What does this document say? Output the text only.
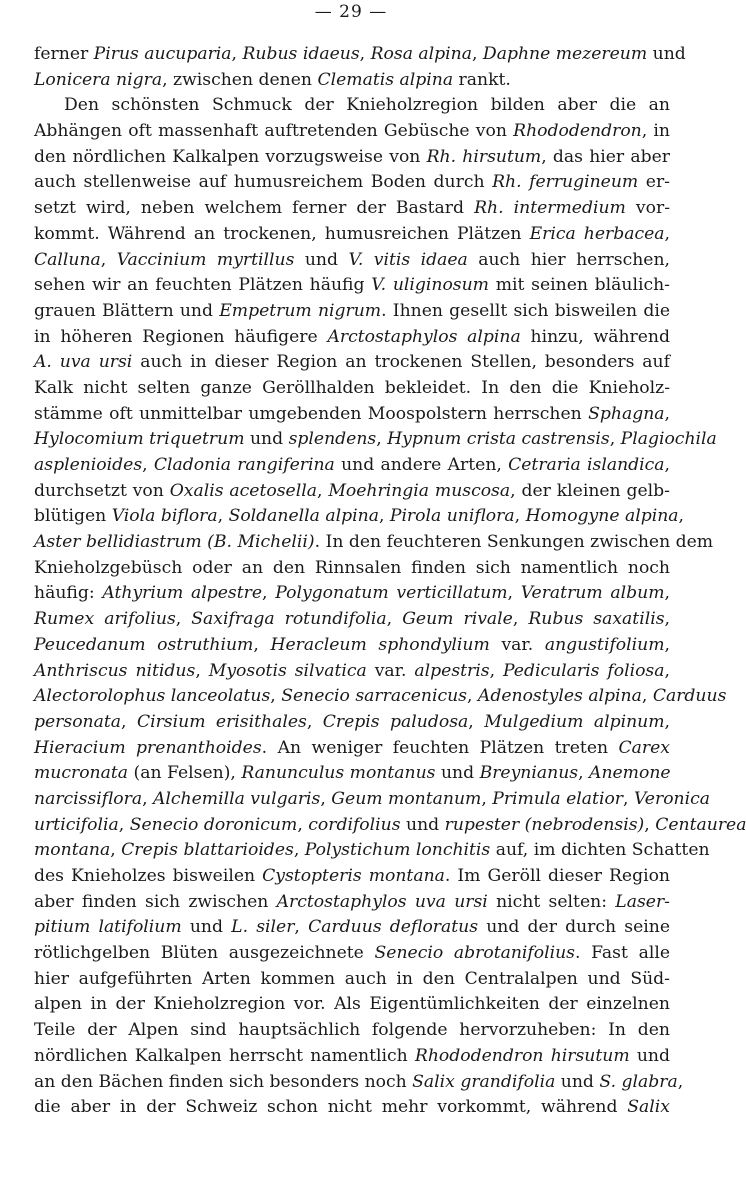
— 29 —
ferner Pirus aucuparia, Rubus idaeus, Rosa alpina, Daphne mezereum und
Lonicera nigra, zwischen denen Clematis alpina rankt.
Den schönsten Schmuck der Knieholzregion bilden aber die an
Abhängen oft massenhaft auftretenden Gebüsche von Rhododendron, in
den nördlichen Kalkalpen vorzugsweise von Rh. hirsutum, das hier aber
auch stellenweise auf humusreichem Boden durch Rh. ferrugineum er-
setzt wird, neben welchem ferner der Bastard Rh. intermedium vor-
kommt. Während an trockenen, humusreichen Plätzen Erica herbacea,
Calluna, Vaccinium myrtillus und V. vitis idaea auch hier herrschen,
sehen wir an feuchten Plätzen häufig V. uliginosum mit seinen bläulich-
grauen Blättern und Empetrum nigrum. Ihnen gesellt sich bisweilen die
in höheren Regionen häufigere Arctostaphylos alpina hinzu, während
A. uva ursi auch in dieser Region an trockenen Stellen, besonders auf
Kalk nicht selten ganze Geröllhalden bekleidet. In den die Knieholz-
stämme oft unmittelbar umgebenden Moospolstern herrschen Sphagna,
Hylocomium triquetrum und splendens, Hypnum crista castrensis, Plagiochila
asplenioides, Cladonia rangiferina und andere Arten, Cetraria islandica,
durchsetzt von Oxalis acetosella, Moehringia muscosa, der kleinen gelb-
blütigen Viola biflora, Soldanella alpina, Pirola uniflora, Homogyne alpina,
Aster bellidiastrum (B. Michelii). In den feuchteren Senkungen zwischen dem
Knieholzgebüsch oder an den Rinnsalen finden sich namentlich noch
häufig: Athyrium alpestre, Polygonatum verticillatum, Veratrum album,
Rumex arifolius, Saxifraga rotundifolia, Geum rivale, Rubus saxatilis,
Peucedanum ostruthium, Heracleum sphondylium var. angustifolium,
Anthriscus nitidus, Myosotis silvatica var. alpestris, Pedicularis foliosa,
Alectorolophus lanceolatus, Senecio sarracenicus, Adenostyles alpina, Carduus
personata, Cirsium erisithales, Crepis paludosa, Mulgedium alpinum,
Hieracium prenanthoides. An weniger feuchten Plätzen treten Carex
mucronata (an Felsen), Ranunculus montanus und Breynianus, Anemone
narcissiflora, Alchemilla vulgaris, Geum montanum, Primula elatior, Veronica
urticifolia, Senecio doronicum, cordifolius und rupester (nebrodensis), Centaurea
montana, Crepis blattarioides, Polystichum lonchitis auf, im dichten Schatten
des Knieholzes bisweilen Cystopteris montana. Im Geröll dieser Region
aber finden sich zwischen Arctostaphylos uva ursi nicht selten: Laser-
pitium latifolium und L. siler, Carduus defloratus und der durch seine
rötlichgelben Blüten ausgezeichnete Senecio abrotanifolius. Fast alle
hier aufgeführten Arten kommen auch in den Centralalpen und Süd-
alpen in der Knieholzregion vor. Als Eigentümlichkeiten der einzelnen
Teile der Alpen sind hauptsächlich folgende hervorzuheben: In den
nördlichen Kalkalpen herrscht namentlich Rhododendron hirsutum und
an den Bächen finden sich besonders noch Salix grandifolia und S. glabra,
die aber in der Schweiz schon nicht mehr vorkommt, während Salix
